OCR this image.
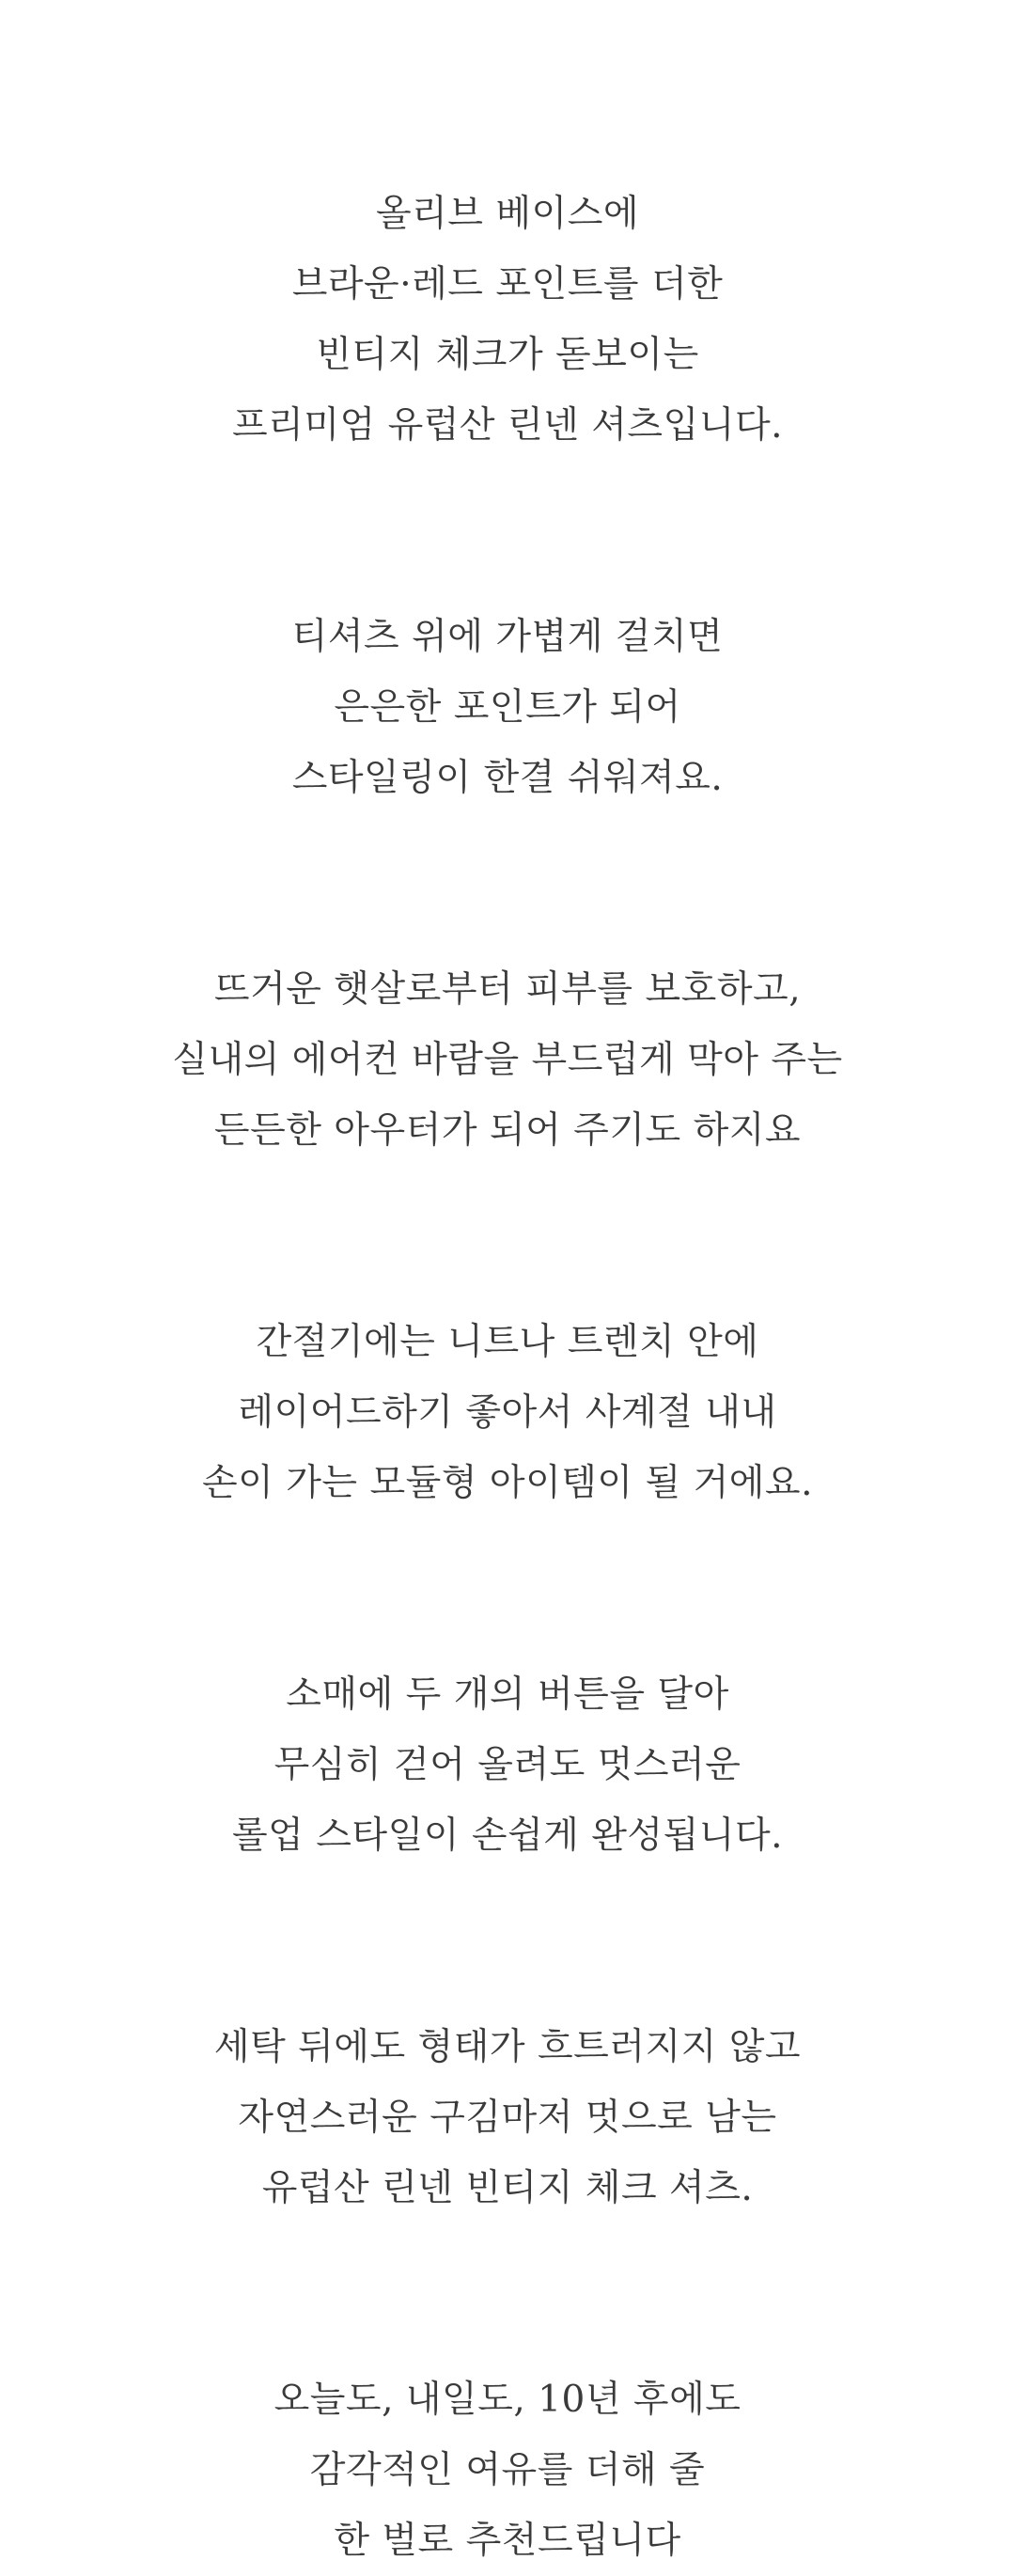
올리브 베이스에
브라운·레드 포인트를 더한
빈티지 체크가 돋보이는
프리미엄 유럽산 린넨 셔츠입니다.

티셔츠 위에 가볍게 걸치면
은은한 포인트가 되어
스타일링이 한결 쉬워져요.

뜨거운 햇살로부터 피부를 보호하고,
실내의 에어컨 바람을 부드럽게 막아 주는
든든한 아우터가 되어 주기도 하지요

간절기에는 니트나 트렌치 안에
레이어드하기 좋아서 사계절 내내
손이 가는 모듈형 아이템이 될 거에요.

소매에 두 개의 버튼을 달아
무심히 걷어 올려도 멋스러운
롤업 스타일이 손쉽게 완성됩니다.

세탁 뒤에도 형태가 흐트러지지 않고
자연스러운 구김마저 멋으로 남는
유럽산 린넨 빈티지 체크 셔츠.

오늘도, 내일도, 10년 후에도
감각적인 여유를 더해 줄
한 벌로 추천드립니다
